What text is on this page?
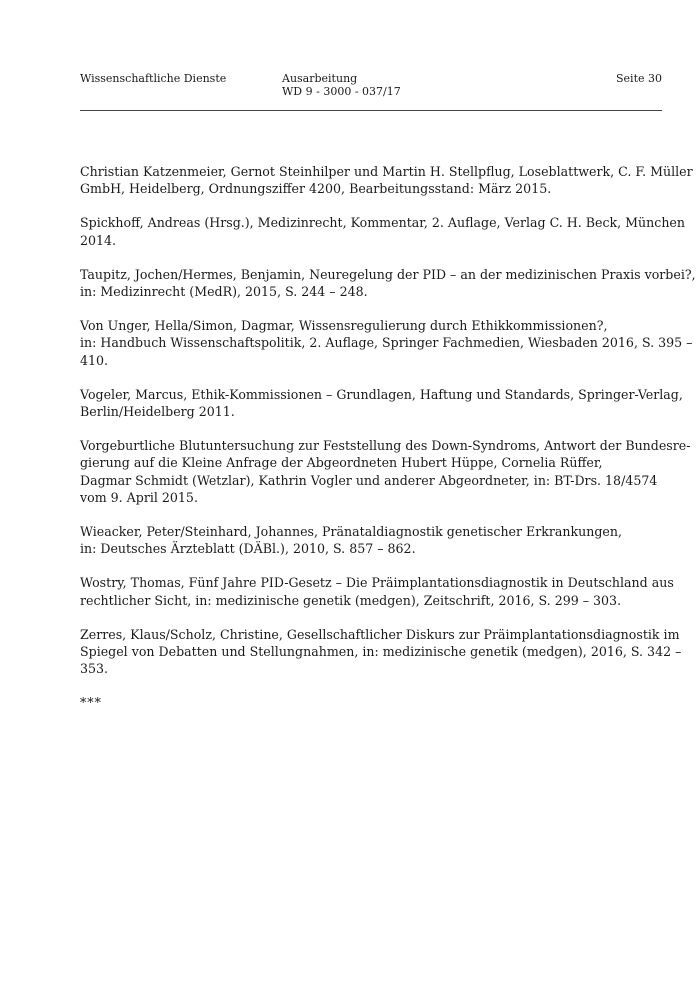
Wissenschaftliche Dienste	Ausarbeitung
WD 9 - 3000 - 037/17
Seite 30
Christian Katzenmeier, Gernot Steinhilper und Martin H. Stellpflug, Loseblattwerk, C. F. Müller
GmbH, Heidelberg, Ordnungsziffer 4200, Bearbeitungsstand: März 2015.
Spickhoff, Andreas (Hrsg.), Medizinrecht, Kommentar, 2. Auflage, Verlag C. H. Beck, München
2014.
Taupitz, Jochen/Hermes, Benjamin, Neuregelung der PID – an der medizinischen Praxis vorbei?,
in: Medizinrecht (MedR), 2015, S. 244 – 248.
Von Unger, Hella/Simon, Dagmar, Wissensregulierung durch Ethikkommissionen?,
in: Handbuch Wissenschaftspolitik, 2. Auflage, Springer Fachmedien, Wiesbaden 2016, S. 395 –
410.
Vogeler, Marcus, Ethik-Kommissionen – Grundlagen, Haftung und Standards, Springer-Verlag,
Berlin/Heidelberg 2011.
Vorgeburtliche Blutuntersuchung zur Feststellung des Down-Syndroms, Antwort der Bundesre-
gierung auf die Kleine Anfrage der Abgeordneten Hubert Hüppe, Cornelia Rüffer,
Dagmar Schmidt (Wetzlar), Kathrin Vogler und anderer Abgeordneter, in: BT-Drs. 18/4574
vom 9. April 2015.
Wieacker, Peter/Steinhard, Johannes, Pränataldiagnostik genetischer Erkrankungen,
in: Deutsches Ärzteblatt (DÄBl.), 2010, S. 857 – 862.
Wostry, Thomas, Fünf Jahre PID-Gesetz – Die Präimplantationsdiagnostik in Deutschland aus
rechtlicher Sicht, in: medizinische genetik (medgen), Zeitschrift, 2016, S. 299 – 303.
Zerres, Klaus/Scholz, Christine, Gesellschaftlicher Diskurs zur Präimplantationsdiagnostik im
Spiegel von Debatten und Stellungnahmen, in: medizinische genetik (medgen), 2016, S. 342 –
353.
***
